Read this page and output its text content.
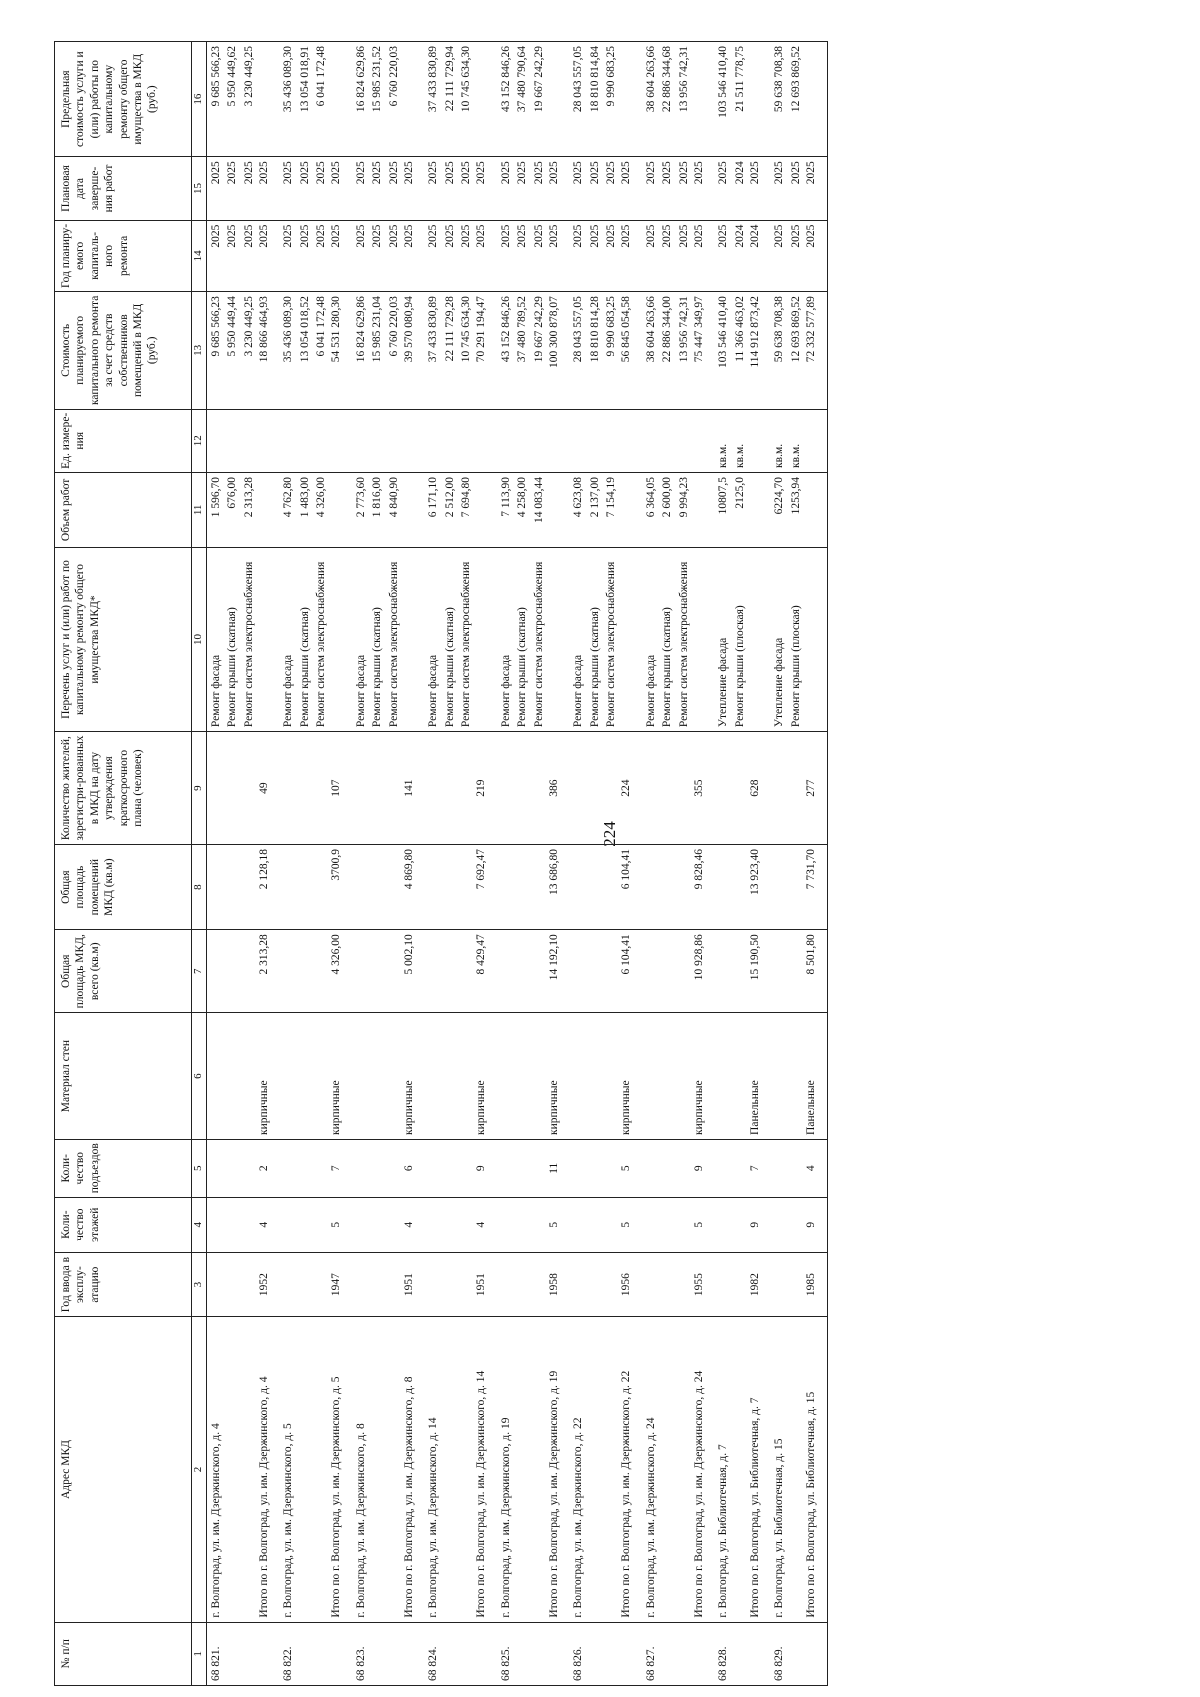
224
№ п/п	Адрес МКД	Год ввода в эксплу-атацию	Коли-чество этажей	Коли-чество подъездов	Материал стен	Общая площадь МКД, всего (кв.м)	Общая площадь помещений МКД (кв.м)	Количество жителей, зарегистри-рованных в МКД на дату утверждения краткосрочного плана (человек)	Перечень услуг и (или) работ по капитальному ремонту общего имущества МКД*	Объем работ	Ед. измере-ния	Стоимость планируемого капитального ремонта за счет средств собственников помещений в МКД (руб.)	Год планиру-емого капиталь-ного ремонта	Плановая дата заверше-ния работ	Предельная стоимость услуги и (или) работы по капитальному ремонту общего имущества в МКД (руб.)
1	2	3	4	5	6	7	8	9	10	11	12	13	14	15	16
68 821.	г. Волгоград, ул. им. Дзержинского, д. 4								Ремонт фасада	1 596,70		9 685 566,23	2025	2025	9 685 566,23
									Ремонт крыши (скатная)	676,00		5 950 449,44	2025	2025	5 950 449,62
									Ремонт систем электроснабжения	2 313,28		3 230 449,25	2025	2025	3 230 449,25
	Итого по г. Волгоград, ул. им. Дзержинского, д. 4	1952	4	2	кирпичные	2 313,28	2 128,18	49				18 866 464,93	2025	2025	
68 822.	г. Волгоград, ул. им. Дзержинского, д. 5								Ремонт фасада	4 762,80		35 436 089,30	2025	2025	35 436 089,30
									Ремонт крыши (скатная)	1 483,00		13 054 018,52	2025	2025	13 054 018,91
									Ремонт систем электроснабжения	4 326,00		6 041 172,48	2025	2025	6 041 172,48
	Итого по г. Волгоград, ул. им. Дзержинского, д. 5	1947	5	7	кирпичные	4 326,00	3700,9	107				54 531 280,30	2025	2025	
68 823.	г. Волгоград, ул. им. Дзержинского, д. 8								Ремонт фасада	2 773,60		16 824 629,86	2025	2025	16 824 629,86
									Ремонт крыши (скатная)	1 816,00		15 985 231,04	2025	2025	15 985 231,52
									Ремонт систем электроснабжения	4 840,90		6 760 220,03	2025	2025	6 760 220,03
	Итого по г. Волгоград, ул. им. Дзержинского, д. 8	1951	4	6	кирпичные	5 002,10	4 869,80	141				39 570 080,94	2025	2025	
68 824.	г. Волгоград, ул. им. Дзержинского, д. 14								Ремонт фасада	6 171,10		37 433 830,89	2025	2025	37 433 830,89
									Ремонт крыши (скатная)	2 512,00		22 111 729,28	2025	2025	22 111 729,94
									Ремонт систем электроснабжения	7 694,80		10 745 634,30	2025	2025	10 745 634,30
	Итого по г. Волгоград, ул. им. Дзержинского, д. 14	1951	4	9	кирпичные	8 429,47	7 692,47	219				70 291 194,47	2025	2025	
68 825.	г. Волгоград, ул. им. Дзержинского, д. 19								Ремонт фасада	7 113,90		43 152 846,26	2025	2025	43 152 846,26
									Ремонт крыши (скатная)	4 258,00		37 480 789,52	2025	2025	37 480 790,64
									Ремонт систем электроснабжения	14 083,44		19 667 242,29	2025	2025	19 667 242,29
	Итого по г. Волгоград, ул. им. Дзержинского, д. 19	1958	5	11	кирпичные	14 192,10	13 686,80	386				100 300 878,07	2025	2025	
68 826.	г. Волгоград, ул. им. Дзержинского, д. 22								Ремонт фасада	4 623,08		28 043 557,05	2025	2025	28 043 557,05
									Ремонт крыши (скатная)	2 137,00		18 810 814,28	2025	2025	18 810 814,84
									Ремонт систем электроснабжения	7 154,19		9 990 683,25	2025	2025	9 990 683,25
	Итого по г. Волгоград, ул. им. Дзержинского, д. 22	1956	5	5	кирпичные	6 104,41	6 104,41	224				56 845 054,58	2025	2025	
68 827.	г. Волгоград, ул. им. Дзержинского, д. 24								Ремонт фасада	6 364,05		38 604 263,66	2025	2025	38 604 263,66
									Ремонт крыши (скатная)	2 600,00		22 886 344,00	2025	2025	22 886 344,68
									Ремонт систем электроснабжения	9 994,23		13 956 742,31	2025	2025	13 956 742,31
	Итого по г. Волгоград, ул. им. Дзержинского, д. 24	1955	5	9	кирпичные	10 928,86	9 828,46	355				75 447 349,97	2025	2025	
68 828.	г. Волгоград, ул. Библиотечная, д. 7								Утепление фасада	10807,5	кв.м.	103 546 410,40	2025	2025	103 546 410,40
									Ремонт крыши (плоская)	2125,0	кв.м.	11 366 463,02	2024	2024	21 511 778,75
	Итого по г. Волгоград, ул. Библиотечная, д. 7	1982	9	7	Панельные	15 190,50	13 923,40	628				114 912 873,42	2024	2025	
68 829.	г. Волгоград, ул. Библиотечная, д. 15								Утепление фасада	6224,70	кв.м.	59 638 708,38	2025	2025	59 638 708,38
									Ремонт крыши (плоская)	1253,94	кв.м.	12 693 869,52	2025	2025	12 693 869,52
	Итого по г. Волгоград, ул. Библиотечная, д. 15	1985	9	4	Панельные	8 501,80	7 731,70	277				72 332 577,89	2025	2025	
